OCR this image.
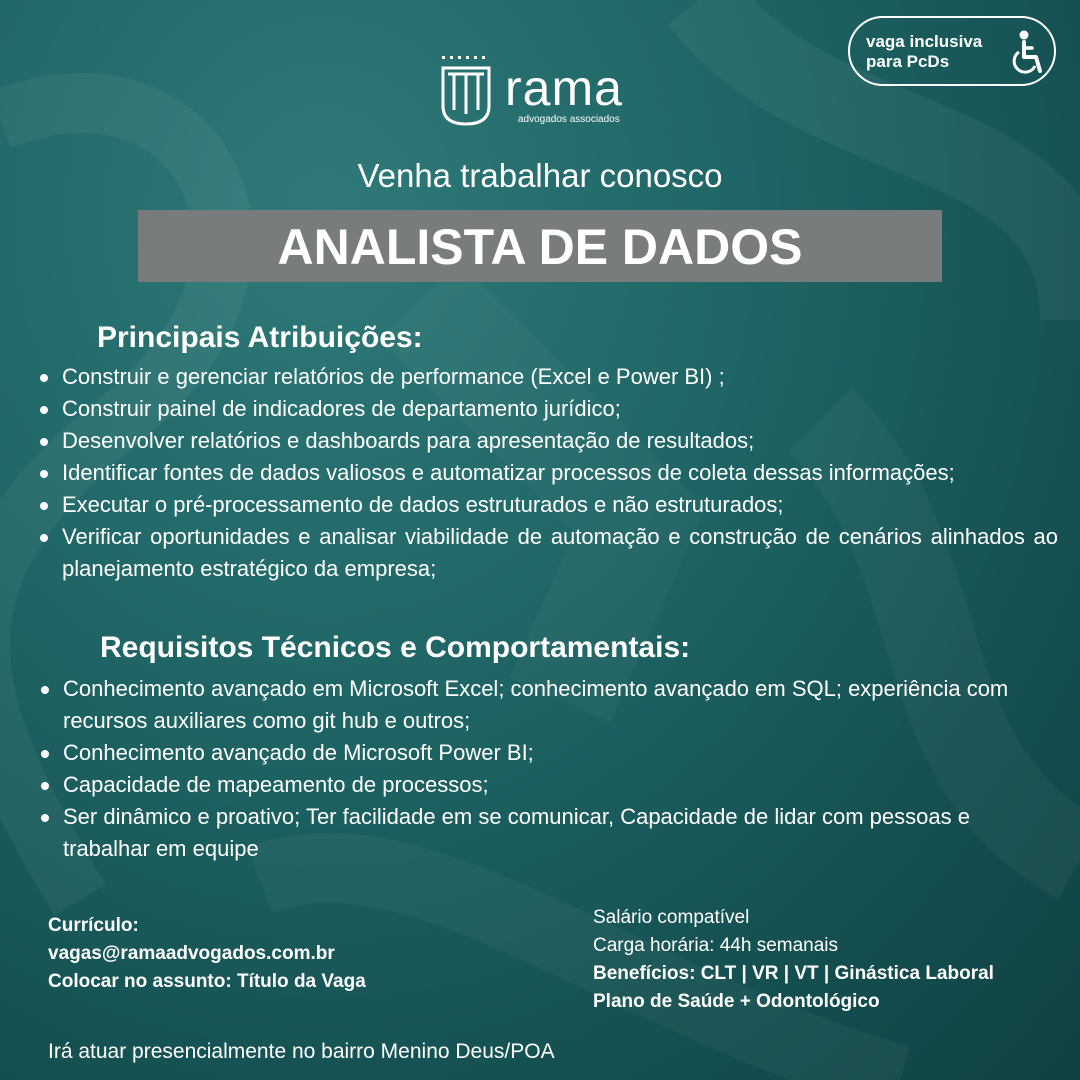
vaga inclusiva
para PcDs
rama
advogados associados
Venha trabalhar conosco
ANALISTA DE DADOS
Principais Atribuições:
Construir e gerenciar relatórios de performance (Excel e Power BI) ;
Construir painel de indicadores de departamento jurídico;
Desenvolver relatórios e dashboards para apresentação de resultados;
Identificar fontes de dados valiosos e automatizar processos de coleta dessas informações;
Executar o pré-processamento de dados estruturados e não estruturados;
Verificar oportunidades e analisar viabilidade de automação e construção de cenários alinhados ao planejamento estratégico da empresa;
Requisitos Técnicos e Comportamentais:
Conhecimento avançado em Microsoft Excel; conhecimento avançado em SQL; experiência com recursos auxiliares como git hub e outros;
Conhecimento avançado de Microsoft Power BI;
Capacidade de mapeamento de processos;
Ser dinâmico e proativo; Ter facilidade em se comunicar, Capacidade de lidar com pessoas e trabalhar em equipe
Currículo:
vagas@ramaadvogados.com.br
Colocar no assunto: Título da Vaga
Salário compatível
Carga horária: 44h semanais
Benefícios: CLT | VR | VT | Ginástica Laboral
Plano de Saúde + Odontológico
Irá atuar presencialmente no bairro Menino Deus/POA
